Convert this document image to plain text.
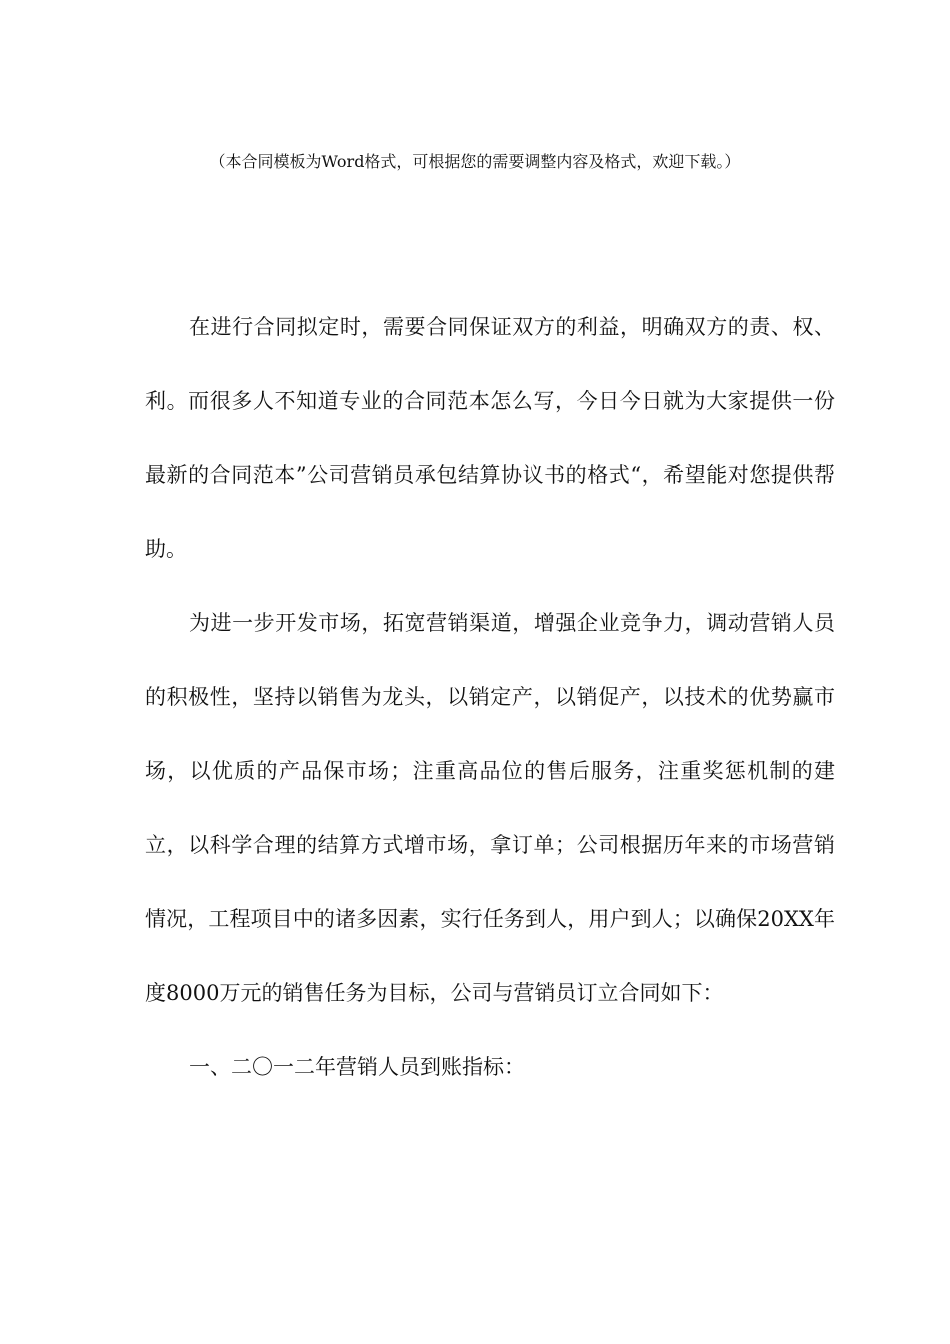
（本合同模板为Word格式，可根据您的需要调整内容及格式，欢迎下载。）

在进行合同拟定时，需要合同保证双方的利益，明确双方的责、权、利。而很多人不知道专业的合同范本怎么写，今日今日就为大家提供一份最新的合同范本”公司营销员承包结算协议书的格式“，希望能对您提供帮助。

为进一步开发市场，拓宽营销渠道，增强企业竞争力，调动营销人员的积极性，坚持以销售为龙头，以销定产，以销促产，以技术的优势赢市场，以优质的产品保市场；注重高品位的售后服务，注重奖惩机制的建立，以科学合理的结算方式增市场，拿订单；公司根据历年来的市场营销情况，工程项目中的诸多因素，实行任务到人，用户到人；以确保20XX年度8000万元的销售任务为目标，公司与营销员订立合同如下：

一、二〇一二年营销人员到账指标：
